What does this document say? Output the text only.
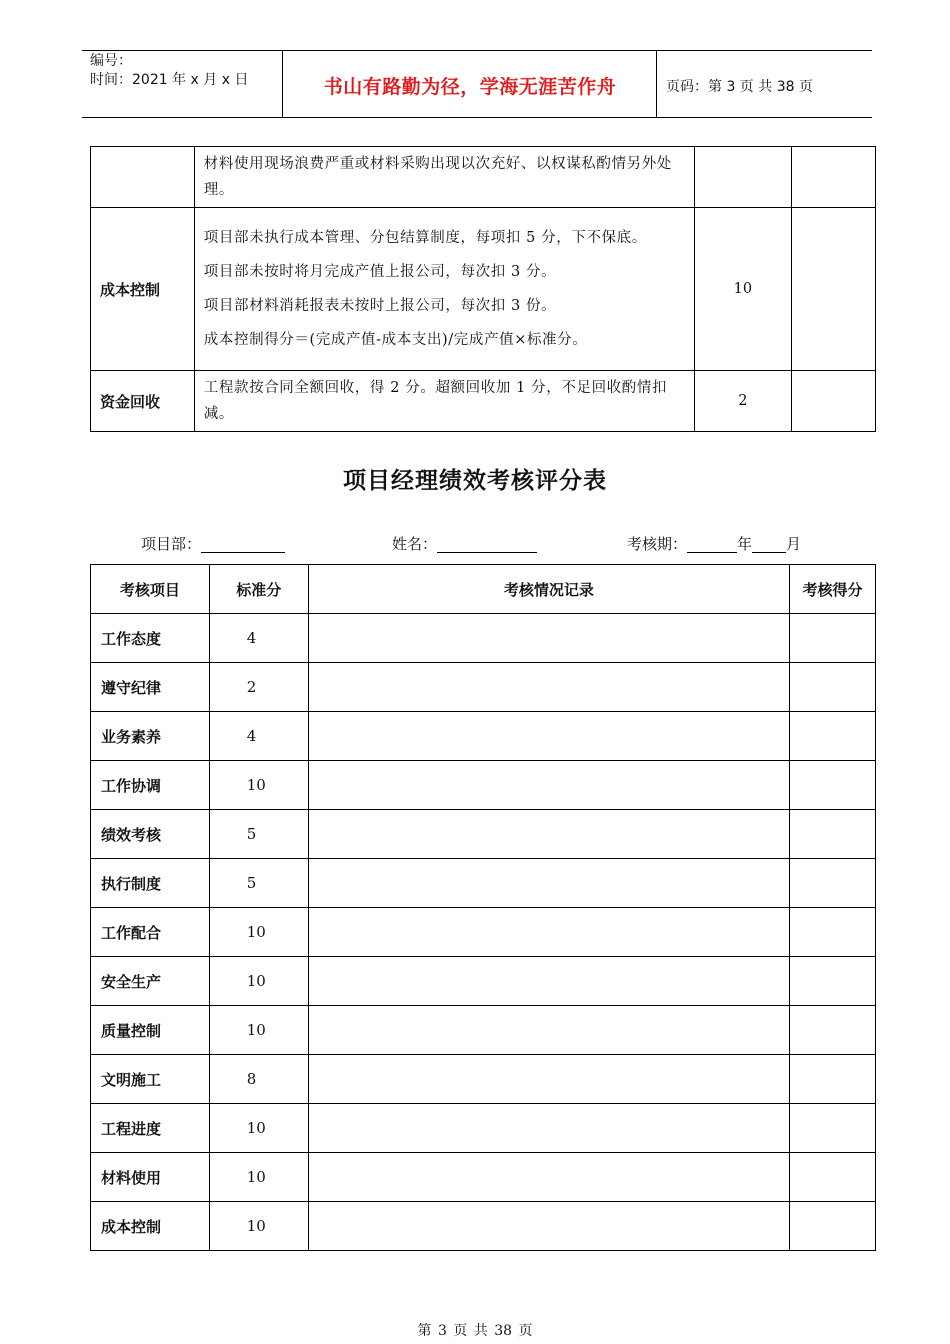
编号：
时间：2021 年 x 月 x 日	书山有路勤为径，学海无涯苦作舟	页码：第 3 页 共 38 页

	材料使用现场浪费严重或材料采购出现以次充好、以权谋私酌情另外处理。		

成本控制	项目部未执行成本管理、分包结算制度，每项扣 5 分，下不保底。

项目部未按时将月完成产值上报公司，每次扣 3 分。

项目部材料消耗报表未按时上报公司，每次扣 3 份。

成本控制得分＝(完成产值-成本支出)/完成产值×标准分。	10	
资金回收	工程款按合同全额回收，得 2 分。超额回收加 1 分，不足回收酌情扣减。	2	
项目经理绩效考核评分表
项目部：	姓名：	考核期：	年 月
考核项目	标准分	考核情况记录	考核得分
工作态度	4		
遵守纪律	2		
业务素养	4		
工作协调	10		
绩效考核	5		
执行制度	5		
工作配合	10		
安全生产	10		
质量控制	10		
文明施工	8		
工程进度	10		
材料使用	10		
成本控制	10		
第 3 页 共 38 页
